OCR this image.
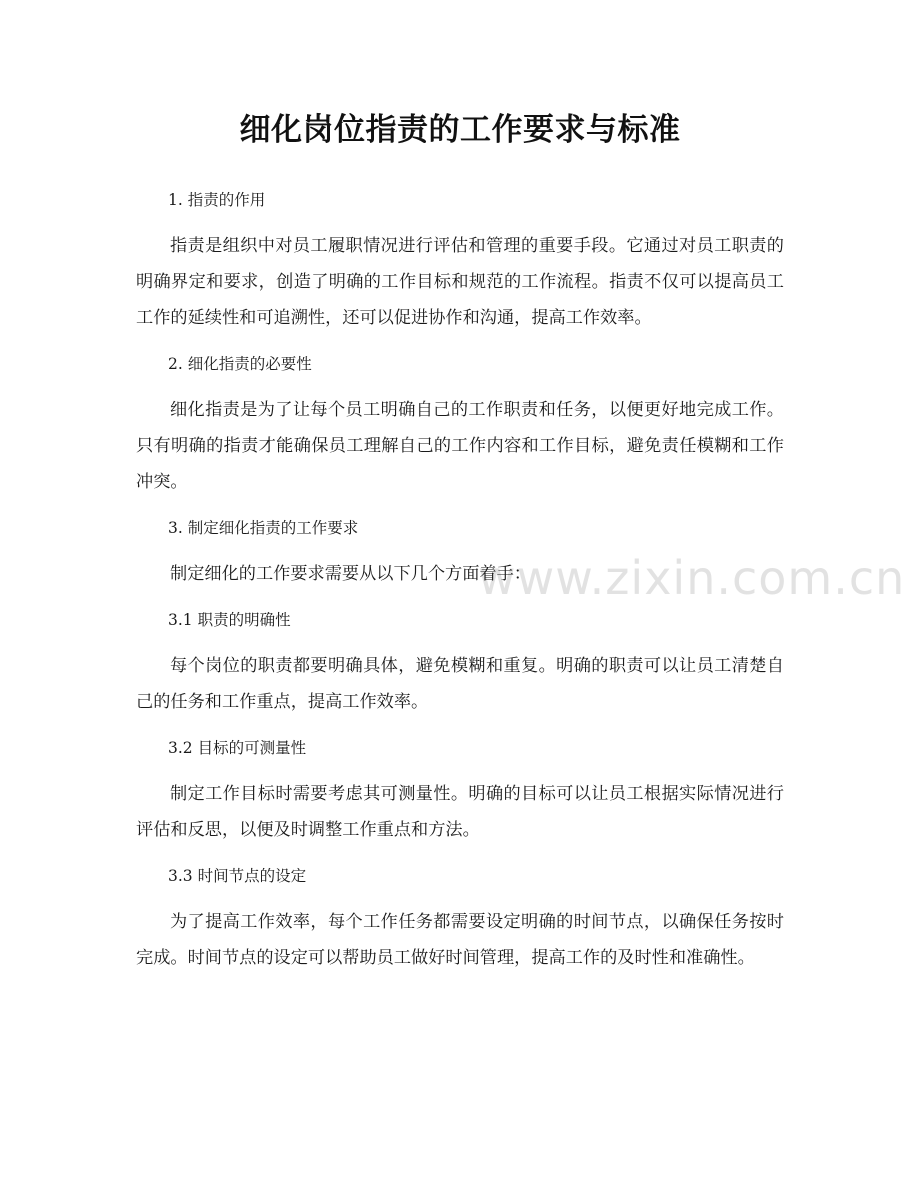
细化岗位指责的工作要求与标准
www.zixin.com.cn

1. 指责的作用

指责是组织中对员工履职情况进行评估和管理的重要手段。它通过对员工职责的明确界定和要求，创造了明确的工作目标和规范的工作流程。指责不仅可以提高员工工作的延续性和可追溯性，还可以促进协作和沟通，提高工作效率。

2. 细化指责的必要性

细化指责是为了让每个员工明确自己的工作职责和任务，以便更好地完成工作。只有明确的指责才能确保员工理解自己的工作内容和工作目标，避免责任模糊和工作冲突。

3. 制定细化指责的工作要求

制定细化的工作要求需要从以下几个方面着手：

3.1 职责的明确性

每个岗位的职责都要明确具体，避免模糊和重复。明确的职责可以让员工清楚自己的任务和工作重点，提高工作效率。

3.2 目标的可测量性

制定工作目标时需要考虑其可测量性。明确的目标可以让员工根据实际情况进行评估和反思，以便及时调整工作重点和方法。

3.3 时间节点的设定

为了提高工作效率，每个工作任务都需要设定明确的时间节点，以确保任务按时完成。时间节点的设定可以帮助员工做好时间管理，提高工作的及时性和准确性。
